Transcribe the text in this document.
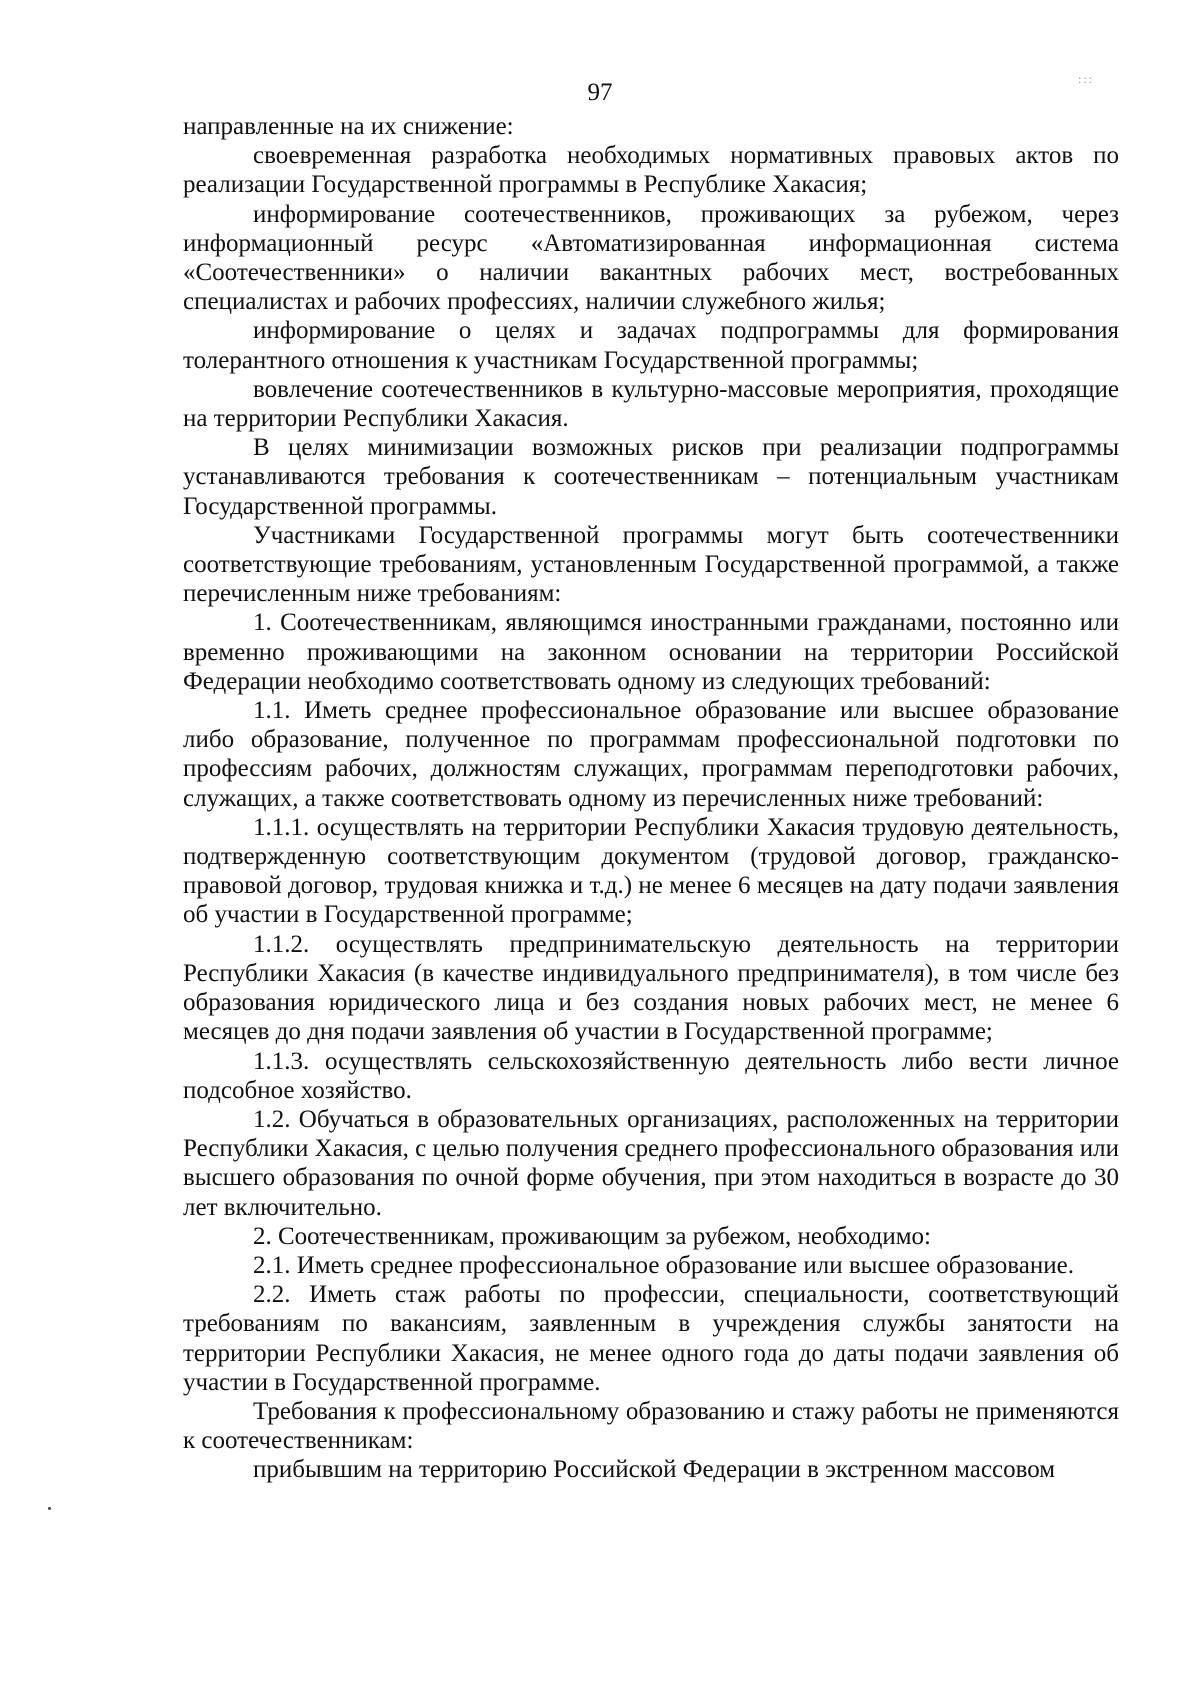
97	:::

направленные на их снижение:

своевременная разработка необходимых нормативных правовых актов по реализации Государственной программы в Республике Хакасия;

информирование соотечественников, проживающих за рубежом, через информационный ресурс «Автоматизированная информационная система «Соотечественники» о наличии вакантных рабочих мест, востребованных специалистах и рабочих профессиях, наличии служебного жилья;

информирование о целях и задачах подпрограммы для формирования толерантного отношения к участникам Государственной программы;

вовлечение соотечественников в культурно-массовые мероприятия, проходящие на территории Республики Хакасия.

В целях минимизации возможных рисков при реализации подпрограммы устанавливаются требования к соотечественникам – потенциальным участникам Государственной программы.

Участниками Государственной программы могут быть соотечественники соответствующие требованиям, установленным Государственной программой, а также перечисленным ниже требованиям:

1. Соотечественникам, являющимся иностранными гражданами, постоянно или временно проживающими на законном основании на территории Российской Федерации необходимо соответствовать одному из следующих требований:

1.1. Иметь среднее профессиональное образование или высшее образование либо образование, полученное по программам профессиональной подготовки по профессиям рабочих, должностям служащих, программам переподготовки рабочих, служащих, а также соответствовать одному из перечисленных ниже требований:

1.1.1. осуществлять на территории Республики Хакасия трудовую деятельность, подтвержденную соответствующим документом (трудовой договор, гражданско-правовой договор, трудовая книжка и т.д.) не менее 6 месяцев на дату подачи заявления об участии в Государственной программе;

1.1.2. осуществлять предпринимательскую деятельность на территории Республики Хакасия (в качестве индивидуального предпринимателя), в том числе без образования юридического лица и без создания новых рабочих мест, не менее 6 месяцев до дня подачи заявления об участии в Государственной программе;

1.1.3. осуществлять сельскохозяйственную деятельность либо вести личное подсобное хозяйство.

1.2. Обучаться в образовательных организациях, расположенных на территории Республики Хакасия, с целью получения среднего профессионального образования или высшего образования по очной форме обучения, при этом находиться в возрасте до 30 лет включительно.

2. Соотечественникам, проживающим за рубежом, необходимо:

2.1. Иметь среднее профессиональное образование или высшее образование.

2.2. Иметь стаж работы по профессии, специальности, соответствующий требованиям по вакансиям, заявленным в учреждения службы занятости на территории Республики Хакасия, не менее одного года до даты подачи заявления об участии в Государственной программе.

Требования к профессиональному образованию и стажу работы не применяются к соотечественникам:

прибывшим на территорию Российской Федерации в экстренном массовом
